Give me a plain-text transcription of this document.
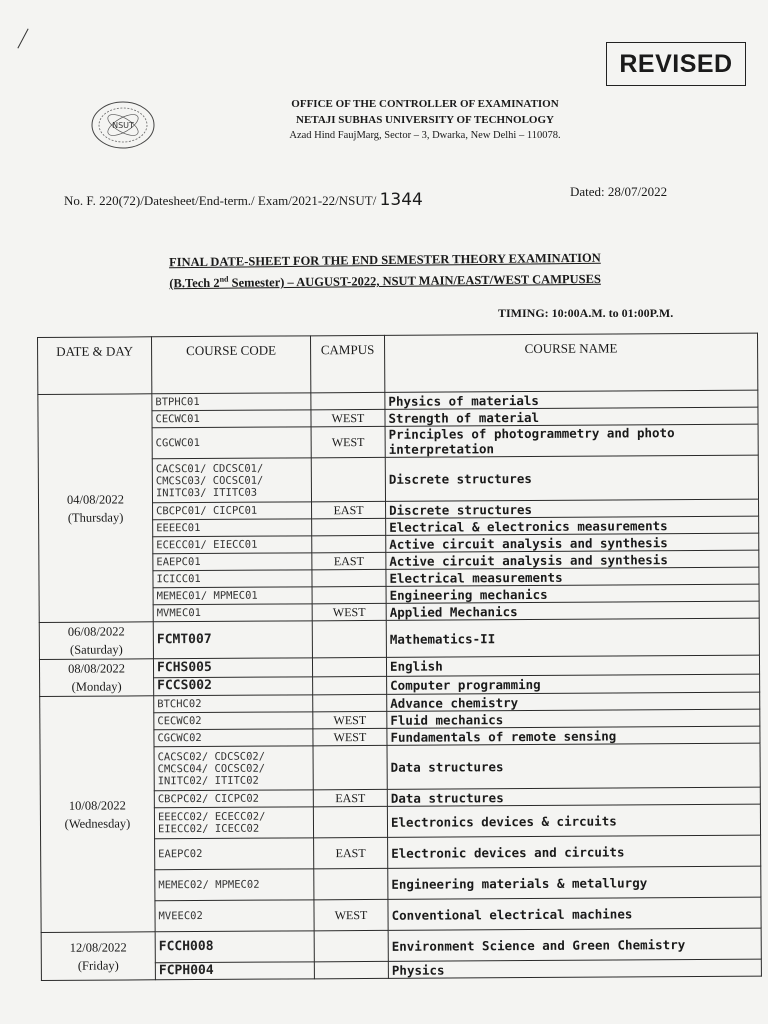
REVISED
NSUT
OFFICE OF THE CONTROLLER OF EXAMINATION
NETAJI SUBHAS UNIVERSITY OF TECHNOLOGY
Azad Hind FaujMarg, Sector – 3, Dwarka, New Delhi – 110078.
No. F. 220(72)/Datesheet/End-term./ Exam/2021-22/NSUT/ 1344	Dated: 28/07/2022
FINAL DATE-SHEET FOR THE END SEMESTER THEORY EXAMINATION
(B.Tech 2nd Semester) – AUGUST-2022, NSUT MAIN/EAST/WEST CAMPUSES
TIMING: 10:00A.M. to 01:00P.M.
DATE & DAY	COURSE CODE	CAMPUS	COURSE NAME

04/08/2022
(Thursday)	BTPHC01		Physics of materials
	CECWC01	WEST	Strength of material
	CGCWC01	WEST	Principles of photogrammetry and photo interpretation
	CACSC01/ CDCSC01/ CMCSC03/ COCSC01/ INITC03/ ITITC03		Discrete structures
	CBCPC01/ CICPC01	EAST	Discrete structures
	EEEEC01		Electrical & electronics measurements
	ECECC01/ EIECC01		Active circuit analysis and synthesis
	EAEPC01	EAST	Active circuit analysis and synthesis
	ICICC01		Electrical measurements
	MEMEC01/ MPMEC01		Engineering mechanics
	MVMEC01	WEST	Applied Mechanics

06/08/2022
(Saturday)	FCMT007		Mathematics-II

08/08/2022
(Monday)	FCHS005		English
	FCCS002		Computer programming

10/08/2022
(Wednesday)	BTCHC02		Advance chemistry
	CECWC02	WEST	Fluid mechanics
	CGCWC02	WEST	Fundamentals of remote sensing
	CACSC02/ CDCSC02/ CMCSC04/ COCSC02/ INITC02/ ITITC02		Data structures
	CBCPC02/ CICPC02	EAST	Data structures
	EEECC02/ ECECC02/ EIECC02/ ICECC02		Electronics devices & circuits
	EAEPC02	EAST	Electronic devices and circuits
	MEMEC02/ MPMEC02		Engineering materials & metallurgy
	MVEEC02	WEST	Conventional electrical machines

12/08/2022
(Friday)	FCCH008		Environment Science and Green Chemistry
	FCPH004		Physics
